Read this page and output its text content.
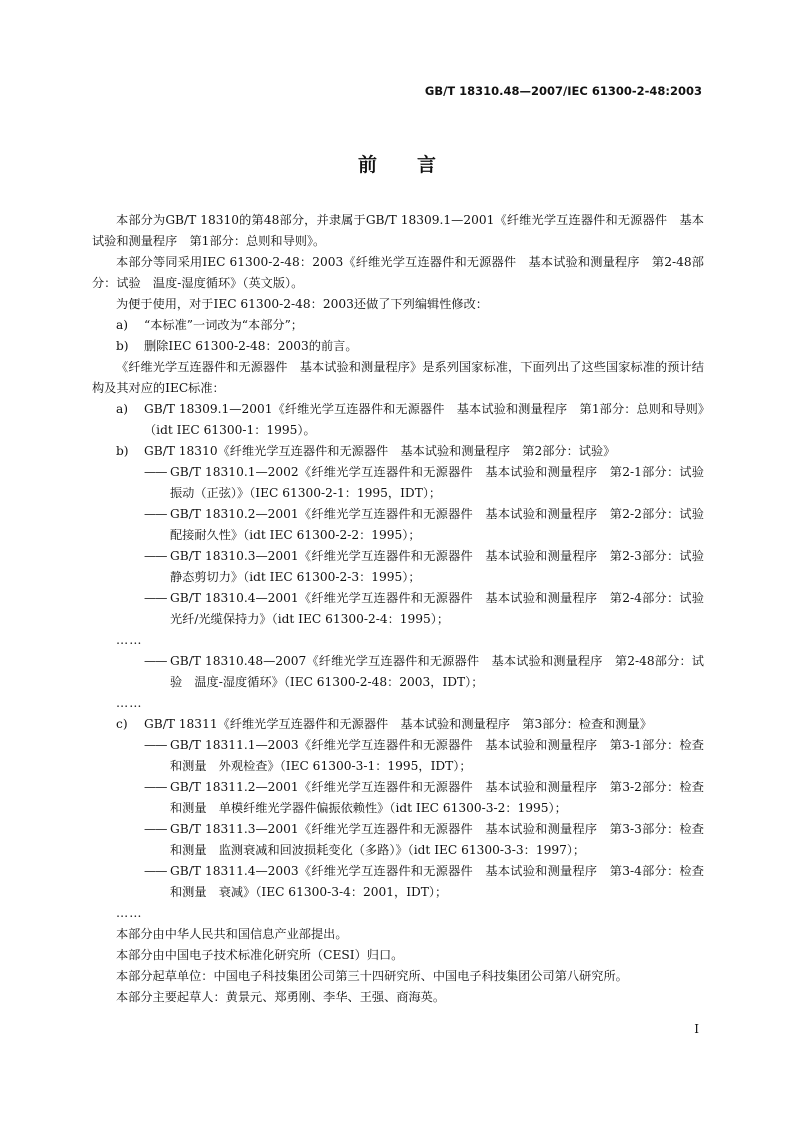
GB/T 18310.48—2007/IEC 61300-2-48:2003
前言

本部分为GB/T 18310的第48部分，并隶属于GB/T 18309.1—2001《纤维光学互连器件和无源器件　基本试验和测量程序　第1部分：总则和导则》。

本部分等同采用IEC 61300-2-48：2003《纤维光学互连器件和无源器件　基本试验和测量程序　第2-48部分：试验　温度-湿度循环》（英文版）。

为便于使用，对于IEC 61300-2-48：2003还做了下列编辑性修改：

a)	“本标准”一词改为“本部分”；
b)	删除IEC 61300-2-48：2003的前言。

《纤维光学互连器件和无源器件　基本试验和测量程序》是系列国家标准，下面列出了这些国家标准的预计结构及其对应的IEC标准：

a)	GB/T 18309.1—2001《纤维光学互连器件和无源器件　基本试验和测量程序　第1部分：总则和导则》（idt IEC 61300-1：1995）。
b)	GB/T 18310《纤维光学互连器件和无源器件　基本试验和测量程序　第2部分：试验》
—— GB/T 18310.1—2002《纤维光学互连器件和无源器件　基本试验和测量程序　第2-1部分：试验　振动（正弦）》（IEC 61300-2-1：1995，IDT）；
—— GB/T 18310.2—2001《纤维光学互连器件和无源器件　基本试验和测量程序　第2-2部分：试验　配接耐久性》（idt IEC 61300-2-2：1995）；
—— GB/T 18310.3—2001《纤维光学互连器件和无源器件　基本试验和测量程序　第2-3部分：试验　静态剪切力》（idt IEC 61300-2-3：1995）；
—— GB/T 18310.4—2001《纤维光学互连器件和无源器件　基本试验和测量程序　第2-4部分：试验　光纤/光缆保持力》（idt IEC 61300-2-4：1995）；

……

—— GB/T 18310.48—2007《纤维光学互连器件和无源器件　基本试验和测量程序　第2-48部分：试验　温度-湿度循环》（IEC 61300-2-48：2003，IDT）；

……

c)	GB/T 18311《纤维光学互连器件和无源器件　基本试验和测量程序　第3部分：检查和测量》
—— GB/T 18311.1—2003《纤维光学互连器件和无源器件　基本试验和测量程序　第3-1部分：检查和测量　外观检查》（IEC 61300-3-1：1995，IDT）；
—— GB/T 18311.2—2001《纤维光学互连器件和无源器件　基本试验和测量程序　第3-2部分：检查和测量　单模纤维光学器件偏振依赖性》（idt IEC 61300-3-2：1995）；
—— GB/T 18311.3—2001《纤维光学互连器件和无源器件　基本试验和测量程序　第3-3部分：检查和测量　监测衰减和回波损耗变化（多路）》（idt IEC 61300-3-3：1997）；
—— GB/T 18311.4—2003《纤维光学互连器件和无源器件　基本试验和测量程序　第3-4部分：检查和测量　衰减》（IEC 61300-3-4：2001，IDT）；

……

本部分由中华人民共和国信息产业部提出。

本部分由中国电子技术标准化研究所（CESI）归口。

本部分起草单位：中国电子科技集团公司第三十四研究所、中国电子科技集团公司第八研究所。

本部分主要起草人：黄景元、郑勇刚、李华、王强、商海英。

I
